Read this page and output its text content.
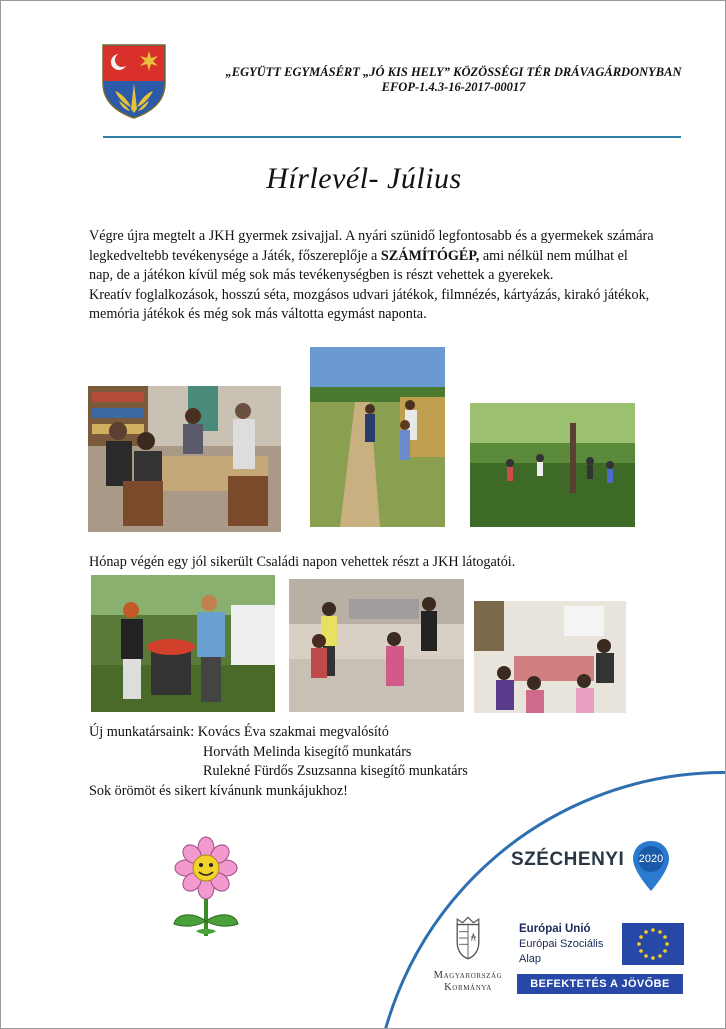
„EGYÜTT EGYMÁSÉRT „JÓ KIS HELY” KÖZÖSSÉGI TÉR DRÁVAGÁRDONYBAN
EFOP-1.4.3-16-2017-00017
Hírlevél- Július
Végre újra megtelt a JKH gyermek zsivajjal. A nyári szünidő legfontosabb és a gyermekek számára
legkedveltebb tevékenysége a Játék, főszereplője a SZÁMÍTÓGÉP, ami nélkül nem múlhat el
nap, de a játékon kívül még sok más tevékenységben is részt vehettek a gyerekek.
Kreatív foglalkozások, hosszú séta, mozgásos udvari játékok, filmnézés, kártyázás, kirakó játékok,
memória játékok és még sok más váltotta egymást naponta.
Hónap végén egy jól sikerült Családi napon vehettek részt a JKH látogatói.
Új munkatársaink: Kovács Éva szakmai megvalósító
Horváth Melinda kisegítő munkatárs
Rulekné Fürdős Zsuzsanna kisegítő munkatárs
Sok örömöt és sikert kívánunk munkájukhoz!
SZÉCHENYI	2020
Magyarország
Kormánya
Európai Unió
Európai Szociális
Alap
BEFEKTETÉS A JÖVŐBE
